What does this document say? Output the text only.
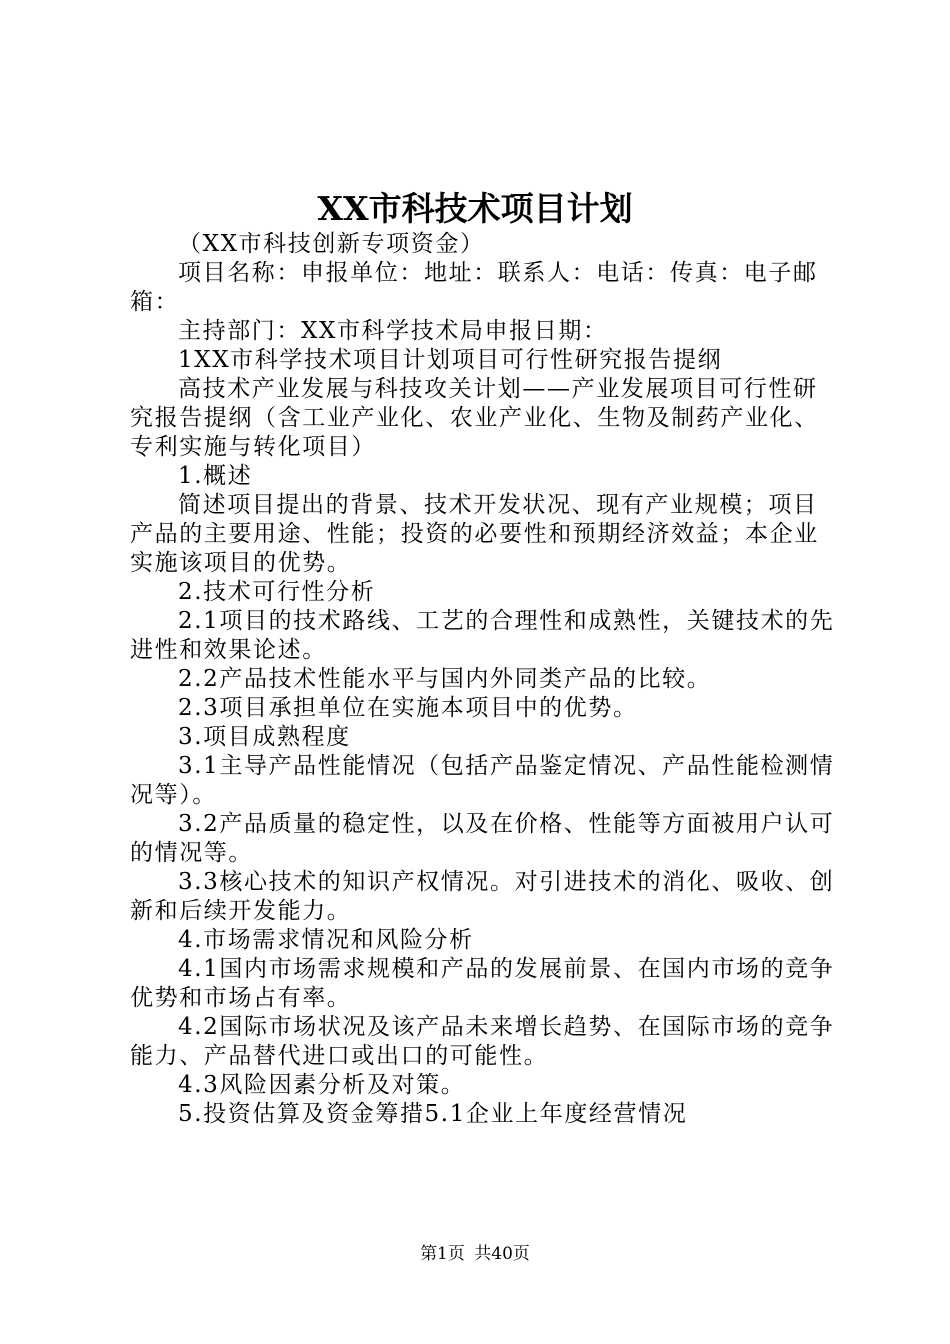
XX市科技术项目计划

（XX市科技创新专项资金）

项目名称：申报单位：地址：联系人：电话：传真：电子邮箱：

主持部门：XX市科学技术局申报日期：

1XX市科学技术项目计划项目可行性研究报告提纲

高技术产业发展与科技攻关计划——产业发展项目可行性研究报告提纲（含工业产业化、农业产业化、生物及制药产业化、专利实施与转化项目）

1.概述

简述项目提出的背景、技术开发状况、现有产业规模；项目产品的主要用途、性能；投资的必要性和预期经济效益；本企业实施该项目的优势。

2.技术可行性分析

2.1项目的技术路线、工艺的合理性和成熟性，关键技术的先进性和效果论述。

2.2产品技术性能水平与国内外同类产品的比较。

2.3项目承担单位在实施本项目中的优势。

3.项目成熟程度

3.1主导产品性能情况（包括产品鉴定情况、产品性能检测情况等）。

3.2产品质量的稳定性，以及在价格、性能等方面被用户认可的情况等。

3.3核心技术的知识产权情况。对引进技术的消化、吸收、创新和后续开发能力。

4.市场需求情况和风险分析

4.1国内市场需求规模和产品的发展前景、在国内市场的竞争优势和市场占有率。

4.2国际市场状况及该产品未来增长趋势、在国际市场的竞争能力、产品替代进口或出口的可能性。

4.3风险因素分析及对策。

5.投资估算及资金筹措5.1企业上年度经营情况

第1页 共40页
